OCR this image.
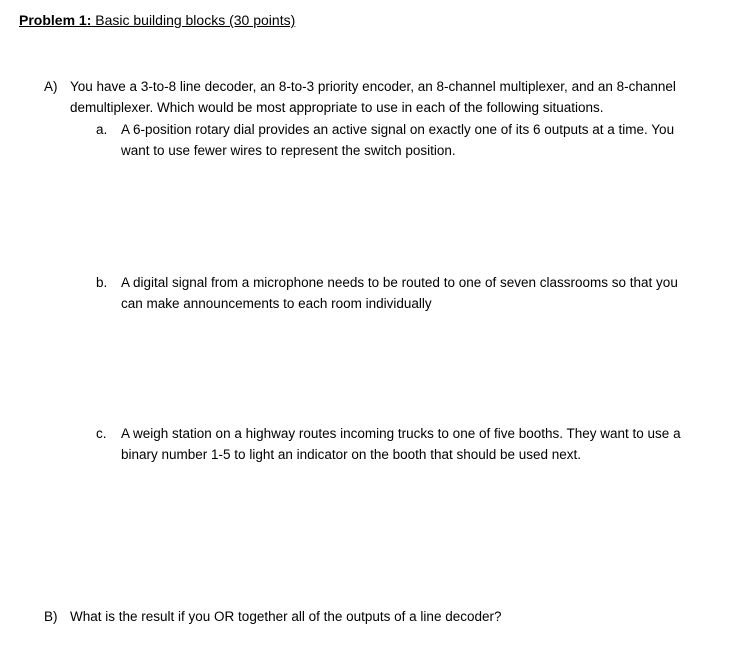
Problem 1: Basic building blocks (30 points)
A) You have a 3-to-8 line decoder, an 8-to-3 priority encoder, an 8-channel multiplexer, and an 8-channel
demultiplexer. Which would be most appropriate to use in each of the following situations.
a. A 6-position rotary dial provides an active signal on exactly one of its 6 outputs at a time. You
want to use fewer wires to represent the switch position.
b. A digital signal from a microphone needs to be routed to one of seven classrooms so that you
can make announcements to each room individually
c. A weigh station on a highway routes incoming trucks to one of five booths. They want to use a
binary number 1-5 to light an indicator on the booth that should be used next.
B) What is the result if you OR together all of the outputs of a line decoder?
